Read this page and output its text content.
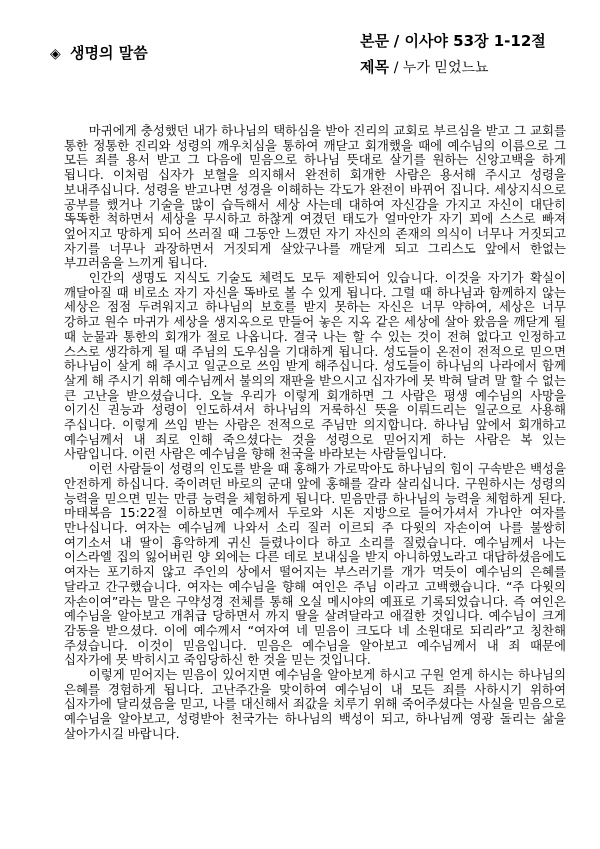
◈ 생명의 말씀
본문 / 이사야 53장 1-12절
제목 / 누가 믿었느뇨

마귀에게 충성했던 내가 하나님의 택하심을 받아 진리의 교회로 부르심을 받고 그 교회를 통한 정통한 진리와 성령의 깨우치심을 통하여 깨닫고 회개했을 때에 예수님의 이름으로 그 모든 죄를 용서 받고 그 다음에 믿음으로 하나님 뜻대로 살기를 원하는 신앙고백을 하게 됩니다. 이처럼 십자가 보혈을 의지해서 완전히 회개한 사람은 용서해 주시고 성령을 보내주십니다. 성령을 받고나면 성경을 이해하는 각도가 완전이 바뀌어 집니다. 세상지식으로 공부를 했거나 기술을 많이 습득해서 세상 사는데 대하여 자신감을 가지고 자신이 대단히 똑똑한 척하면서 세상을 무시하고 하찮게 여겼던 태도가 얼마안가 자기 꾀에 스스로 빠져 엎어지고 망하게 되어 쓰러질 때 그동안 느꼈던 자기 자신의 존재의 의식이 너무나 거짓되고 자기를 너무나 과장하면서 거짓되게 살았구나를 깨닫게 되고 그리스도 앞에서 한없는 부끄러움을 느끼게 됩니다.

인간의 생명도 지식도 기술도 체력도 모두 제한되어 있습니다. 이것을 자기가 확실이 깨달아질 때 비로소 자기 자신을 똑바로 볼 수 있게 됩니다. 그럴 때 하나님과 함께하지 않는 세상은 점점 두려워지고 하나님의 보호를 받지 못하는 자신은 너무 약하여, 세상은 너무 강하고 원수 마귀가 세상을 생지옥으로 만들어 놓은 지옥 같은 세상에 살아 왔음을 깨닫게 될 때 눈물과 통한의 회개가 절로 나옵니다. 결국 나는 할 수 있는 것이 전혀 없다고 인정하고 스스로 생각하게 될 때 주님의 도우심을 기대하게 됩니다. 성도들이 온전이 전적으로 믿으면 하나님이 살게 해 주시고 일군으로 쓰임 받게 해주십니다. 성도들이 하나님의 나라에서 함께 살게 해 주시기 위해 예수님께서 불의의 재판을 받으시고 십자가에 못 박혀 달려 말 할 수 없는 큰 고난을 받으셨습니다. 오늘 우리가 이렇게 회개하면 그 사람은 평생 예수님의 사망을 이기신 권능과 성령이 인도하셔서 하나님의 거룩하신 뜻을 이뤄드리는 일군으로 사용해 주십니다. 이렇게 쓰임 받는 사람은 전적으로 주님만 의지합니다. 하나님 앞에서 회개하고 예수님께서 내 죄로 인해 죽으셨다는 것을 성령으로 믿어지게 하는 사람은 복 있는 사람입니다. 이런 사람은 예수님을 향해 천국을 바라보는 사람들입니다.

이런 사람들이 성령의 인도를 받을 때 홍해가 가로막아도 하나님의 힘이 구속받은 백성을 안전하게 하십니다. 죽이려던 바로의 군대 앞에 홍해를 갈라 살리십니다. 구원하시는 성령의 능력을 믿으면 믿는 만큼 능력을 체험하게 됩니다. 믿음만큼 하나님의 능력을 체험하게 된다. 마태복음 15:22절 이하보면 예수께서 두로와 시돈 지방으로 들어가셔서 가나안 여자를 만나십니다. 여자는 예수님께 나와서 소리 질러 이르되 주 다윗의 자손이여 나를 불쌍히 여기소서 내 딸이 흉악하게 귀신 들렸나이다 하고 소리를 질렀습니다. 예수님께서 나는 이스라엘 집의 잃어버린 양 외에는 다른 데로 보내심을 받지 아니하였노라고 대답하셨음에도 여자는 포기하지 않고 주인의 상에서 떨어지는 부스러기를 개가 먹듯이 예수님의 은혜를 달라고 간구했습니다. 여자는 예수님을 향해 여인은 주님 이라고 고백했습니다. “주 다윗의 자손이여”라는 말은 구약성경 전체를 통해 오실 메시야의 예표로 기록되었습니다. 즉 여인은 예수님을 알아보고 개취급 당하면서 까지 딸을 살려달라고 애걸한 것입니다. 예수님이 크게 감동을 받으셨다. 이에 예수께서 “여자여 네 믿음이 크도다 네 소원대로 되리라”고 칭찬해 주셨습니다. 이것이 믿음입니다. 믿음은 예수님을 알아보고 예수님께서 내 죄 때문에 십자가에 못 박히시고 죽임당하신 한 것을 믿는 것입니다.

이렇게 믿어지는 믿음이 있어지면 예수님을 알아보게 하시고 구원 얻게 하시는 하나님의 은혜를 경험하게 됩니다. 고난주간을 맞이하여 예수님이 내 모든 죄를 사하시기 위하여 십자가에 달리셨음을 믿고, 나를 대신해서 죄값을 치루기 위해 죽어주셨다는 사실을 믿음으로 예수님을 알아보고, 성령받아 천국가는 하나님의 백성이 되고, 하나님께 영광 돌리는 삶을 살아가시길 바랍니다.
